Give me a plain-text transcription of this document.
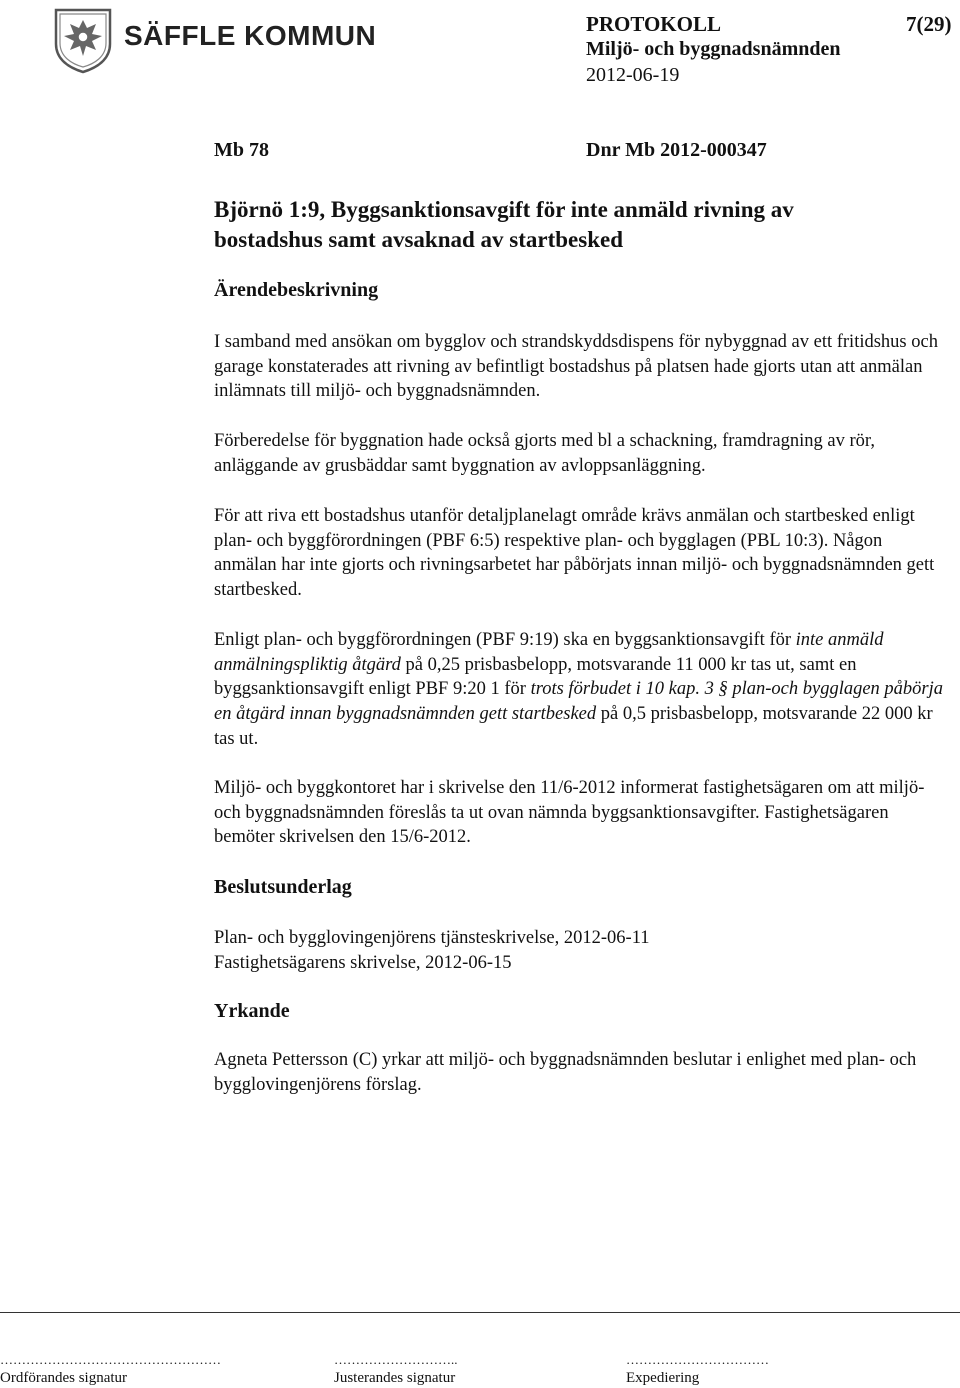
SÄFFLE KOMMUN	PROTOKOLL	7(29)
Miljö- och byggnadsnämnden
2012-06-19
Mb 78	Dnr Mb 2012-000347
Björnö 1:9, Byggsanktionsavgift för inte anmäld rivning av
bostadshus samt avsaknad av startbesked
Ärendebeskrivning

I samband med ansökan om bygglov och strandskyddsdispens för nybyggnad av ett fritidshus och garage konstaterades att rivning av befintligt bostadshus på platsen hade gjorts utan att anmälan inlämnats till miljö- och byggnadsnämnden.

Förberedelse för byggnation hade också gjorts med bl a schackning, framdragning av rör, anläggande av grusbäddar samt byggnation av avloppsanläggning.

För att riva ett bostadshus utanför detaljplanelagt område krävs anmälan och startbesked enligt plan- och byggförordningen (PBF 6:5) respektive plan- och bygglagen (PBL 10:3). Någon anmälan har inte gjorts och rivningsarbetet har påbörjats innan miljö- och byggnadsnämnden gett startbesked.

Enligt plan- och byggförordningen (PBF 9:19) ska en byggsanktionsavgift för inte anmäld anmälningspliktig åtgärd på 0,25 prisbasbelopp, motsvarande 11 000 kr tas ut, samt en byggsanktionsavgift enligt PBF 9:20 1 för trots förbudet i 10 kap. 3 § plan-och bygglagen påbörja en åtgärd innan byggnadsnämnden gett startbesked på 0,5 prisbasbelopp, motsvarande 22 000 kr tas ut.

Miljö- och byggkontoret har i skrivelse den 11/6-2012 informerat fastighetsägaren om att miljö- och byggnadsnämnden föreslås ta ut ovan nämnda byggsanktionsavgifter. Fastighetsägaren bemöter skrivelsen den 15/6-2012.

Beslutsunderlag
Plan- och bygglovingenjörens tjänsteskrivelse, 2012-06-11
Fastighetsägarens skrivelse, 2012-06-15
Yrkande

Agneta Pettersson (C) yrkar att miljö- och byggnadsnämnden beslutar i enlighet med plan- och bygglovingenjörens förslag.

……………………………………………	………………………..	……………………………
Ordförandes signatur	Justerandes signatur	Expediering
